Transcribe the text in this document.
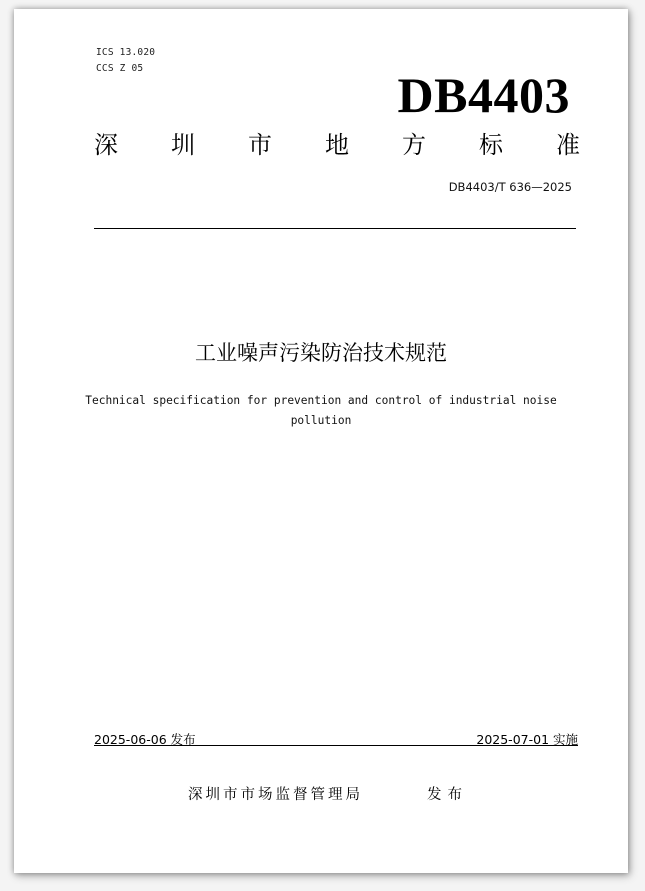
ICS 13.020
CCS Z 05	DB4403
深 圳 市 地 方 标 准
DB4403/T 636—2025
工业噪声污染防治技术规范
Technical specification for prevention and control of industrial noise pollution
2025-06-06 发布	2025-07-01 实施
深圳市市场监督管理局	发布
